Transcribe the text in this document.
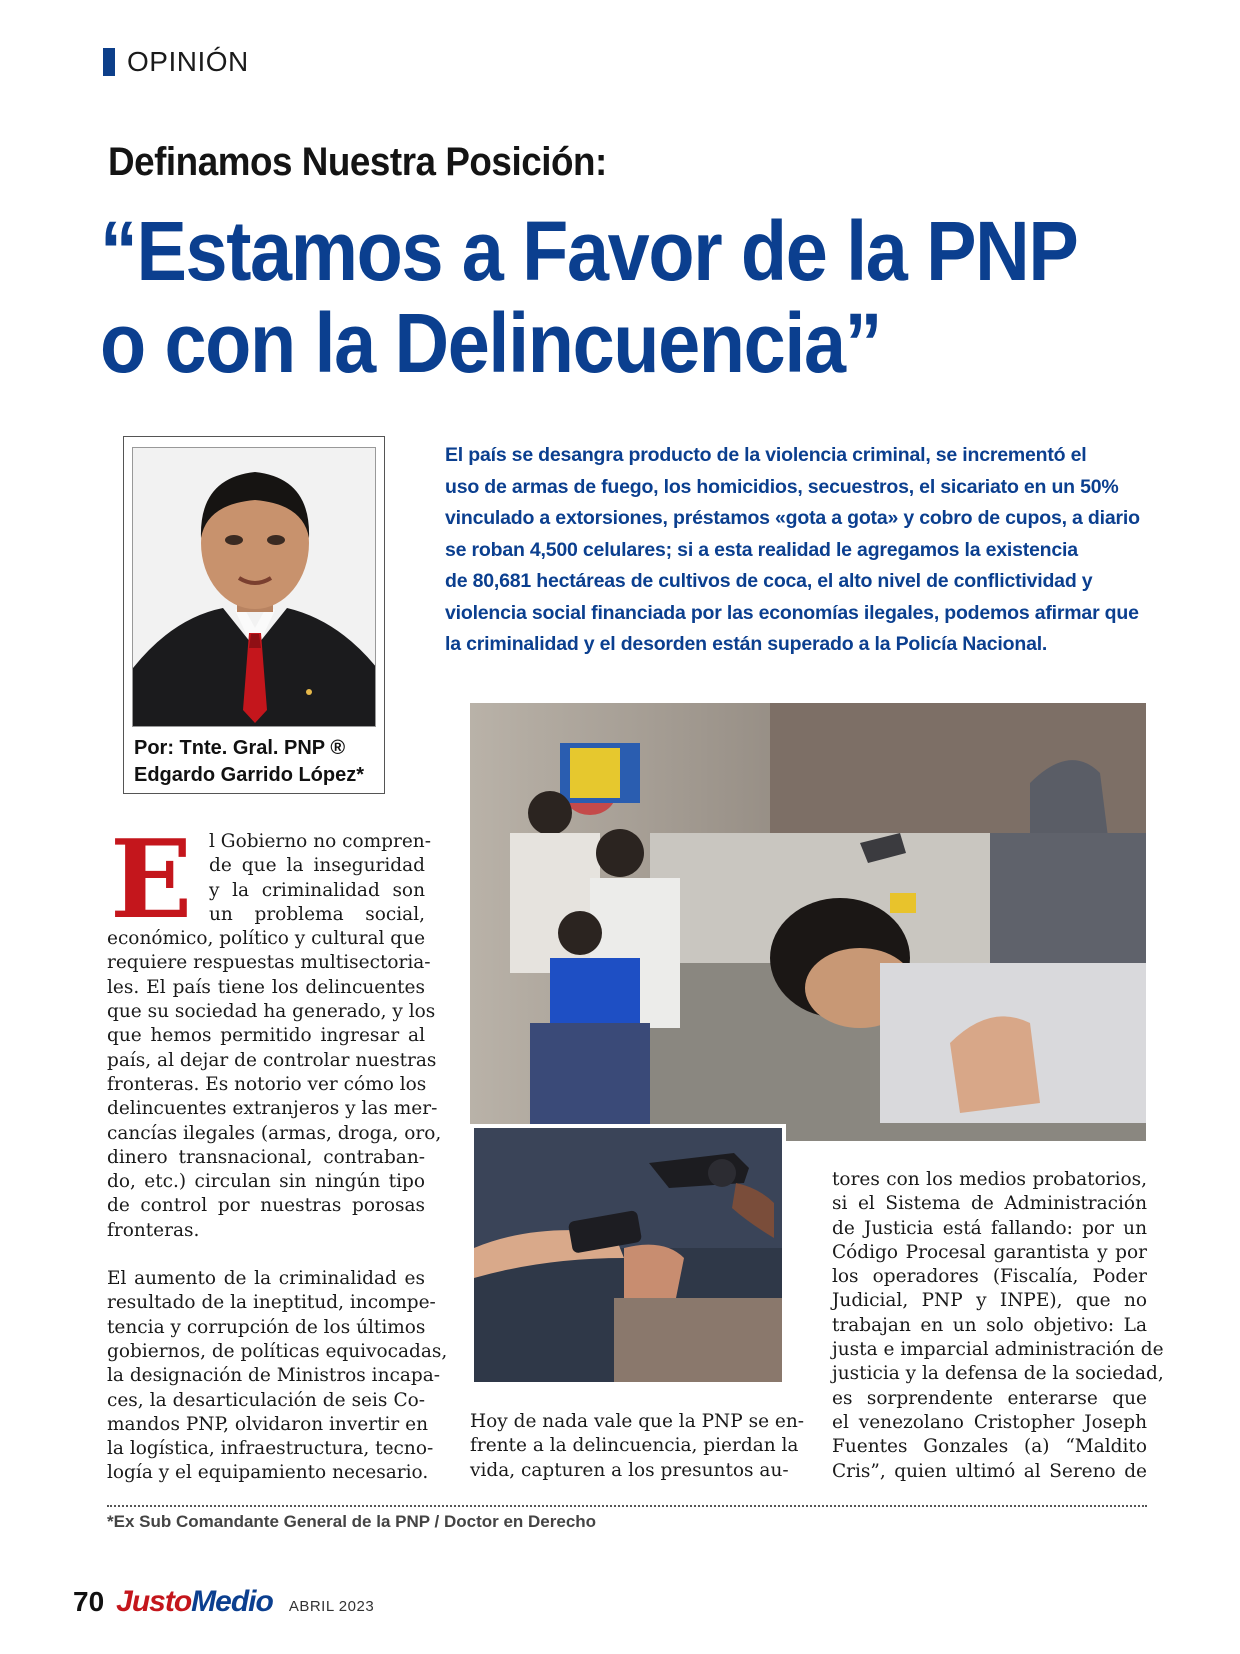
OPINIÓN
Definamos Nuestra Posición:
“Estamos a Favor de la PNP
o con la Delincuencia”
Por: Tnte. Gral. PNP ®
Edgardo Garrido López*
El país se desangra producto de la violencia criminal, se incrementó el
uso de armas de fuego, los homicidios, secuestros, el sicariato en un 50%
vinculado a extorsiones, préstamos «gota a gota» y cobro de cupos, a diario
se roban 4,500 celulares; si a esta realidad le agregamos la existencia
de 80,681 hectáreas de cultivos de coca, el alto nivel de conflictividad y
violencia social financiada por las economías ilegales, podemos afirmar que
la criminalidad y el desorden están superado a la Policía Nacional.
E l Gobierno no compren-
de que la inseguridad
y la criminalidad son
un problema social,
económico, político y cultural que
requiere respuestas multisectoria-
les. El país tiene los delincuentes
que su sociedad ha generado, y los
que hemos permitido ingresar al
país, al dejar de controlar nuestras
fronteras. Es notorio ver cómo los
delincuentes extranjeros y las mer-
cancías ilegales (armas, droga, oro,
dinero transnacional, contraban-
do, etc.) circulan sin ningún tipo
de control por nuestras porosas
fronteras.
El aumento de la criminalidad es
resultado de la ineptitud, incompe-
tencia y corrupción de los últimos
gobiernos, de políticas equivocadas,
la designación de Ministros incapa-
ces, la desarticulación de seis Co-
mandos PNP, olvidaron invertir en
la logística, infraestructura, tecno-
logía y el equipamiento necesario.
Hoy de nada vale que la PNP se en-
frente a la delincuencia, pierdan la
vida, capturen a los presuntos au-
tores con los medios probatorios,
si el Sistema de Administración
de Justicia está fallando: por un
Código Procesal garantista y por
los operadores (Fiscalía, Poder
Judicial, PNP y INPE), que no
trabajan en un solo objetivo: La
justa e imparcial administración de
justicia y la defensa de la sociedad,
es sorprendente enterarse que
el venezolano Cristopher Joseph
Fuentes Gonzales (a) “Maldito
Cris”, quien ultimó al Sereno de
*Ex Sub Comandante General de la PNP / Doctor en Derecho
70 JustoMedio ABRIL 2023
